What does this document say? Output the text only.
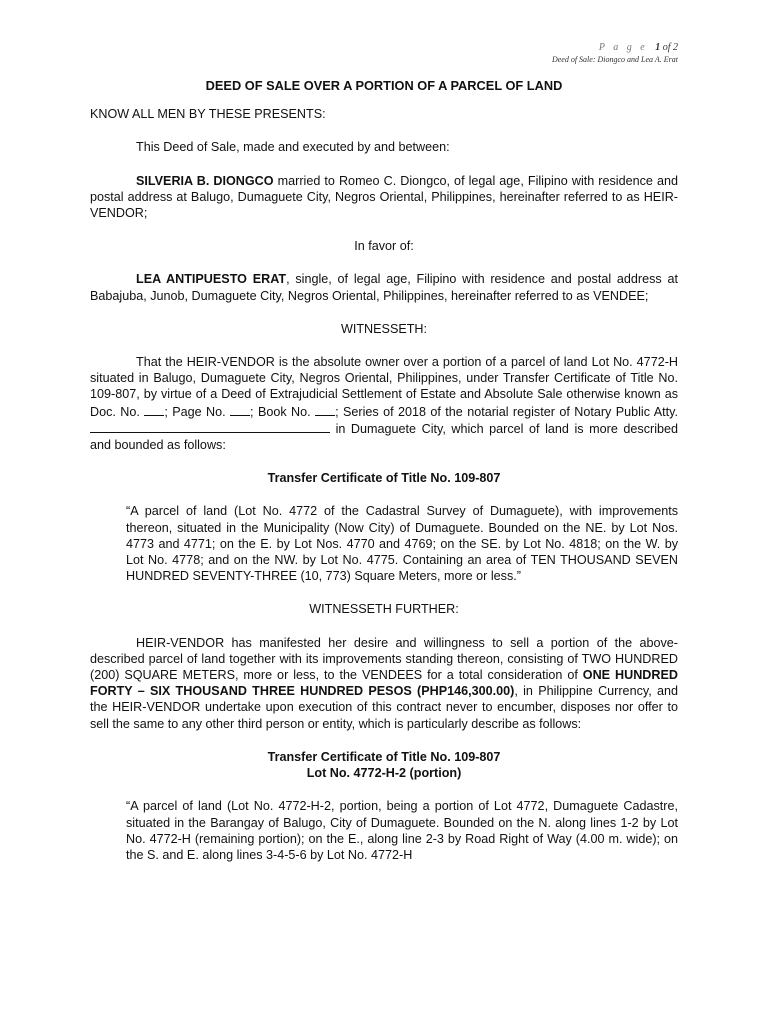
P a g e 1 of 2
Deed of Sale: Diongco and Lea A. Erat
DEED OF SALE OVER A PORTION OF A PARCEL OF LAND

KNOW ALL MEN BY THESE PRESENTS:

This Deed of Sale, made and executed by and between:

SILVERIA B. DIONGCO married to Romeo C. Diongco, of legal age, Filipino with residence and postal address at Balugo, Dumaguete City, Negros Oriental, Philippines, hereinafter referred to as HEIR-VENDOR;

In favor of:

LEA ANTIPUESTO ERAT, single, of legal age, Filipino with residence and postal address at Babajuba, Junob, Dumaguete City, Negros Oriental, Philippines, hereinafter referred to as VENDEE;

WITNESSETH:

That the HEIR-VENDOR is the absolute owner over a portion of a parcel of land Lot No. 4772-H situated in Balugo, Dumaguete City, Negros Oriental, Philippines, under Transfer Certificate of Title No. 109-807, by virtue of a Deed of Extrajudicial Settlement of Estate and Absolute Sale otherwise known as Doc. No. ; Page No. ; Book No. ; Series of 2018 of the notarial register of Notary Public Atty.  in Dumaguete City, which parcel of land is more described and bounded as follows:

Transfer Certificate of Title No. 109-807

“A parcel of land (Lot No. 4772 of the Cadastral Survey of Dumaguete), with improvements thereon, situated in the Municipality (Now City) of Dumaguete. Bounded on the NE. by Lot Nos. 4773 and 4771; on the E. by Lot Nos. 4770 and 4769; on the SE. by Lot No. 4818; on the W. by Lot No. 4778; and on the NW. by Lot No. 4775. Containing an area of TEN THOUSAND SEVEN HUNDRED SEVENTY-THREE (10, 773) Square Meters, more or less.”

WITNESSETH FURTHER:

HEIR-VENDOR has manifested her desire and willingness to sell a portion of the above-described parcel of land together with its improvements standing thereon, consisting of TWO HUNDRED (200) SQUARE METERS, more or less, to the VENDEES for a total consideration of ONE HUNDRED FORTY – SIX THOUSAND THREE HUNDRED PESOS (PHP146,300.00), in Philippine Currency, and the HEIR-VENDOR undertake upon execution of this contract never to encumber, disposes nor offer to sell the same to any other third person or entity, which is particularly describe as follows:

Transfer Certificate of Title No. 109-807

Lot No. 4772-H-2 (portion)

“A parcel of land (Lot No. 4772-H-2, portion, being a portion of Lot 4772, Dumaguete Cadastre, situated in the Barangay of Balugo, City of Dumaguete. Bounded on the N. along lines 1-2 by Lot No. 4772-H (remaining portion); on the E., along line 2-3 by Road Right of Way (4.00 m. wide); on the S. and E. along lines 3-4-5-6 by Lot No. 4772-H
